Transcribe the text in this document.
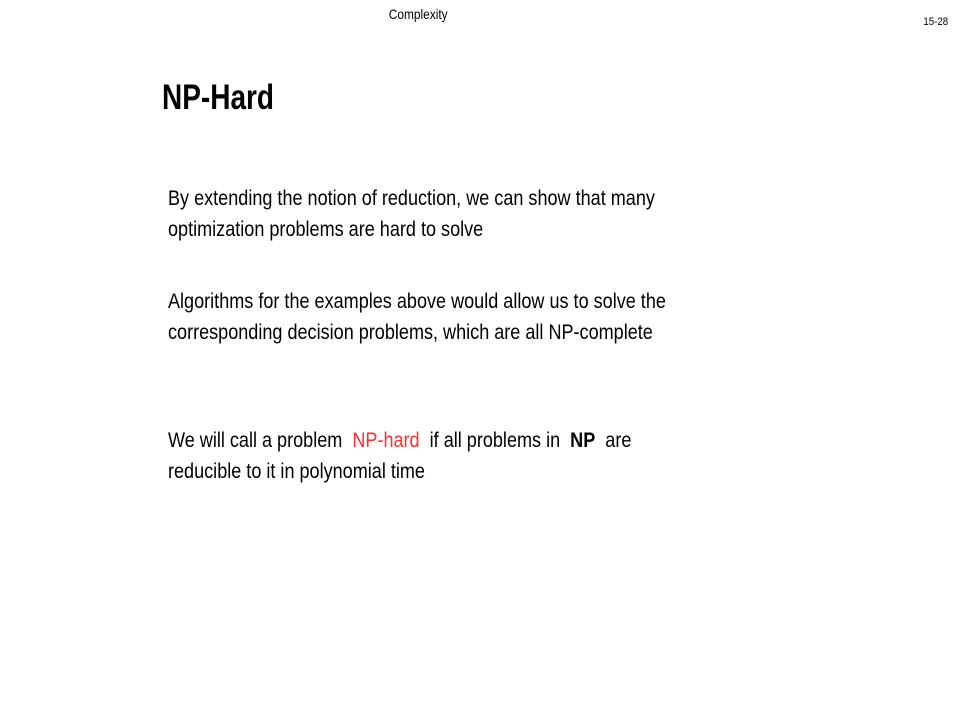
Complexity	15-28
NP-Hard

By extending the notion of reduction, we can show that many
optimization problems are hard to solve

Algorithms for the examples above would allow us to solve the
corresponding decision problems, which are all NP-complete

We will call a problem NP-hard if all problems in NP are
reducible to it in polynomial time
